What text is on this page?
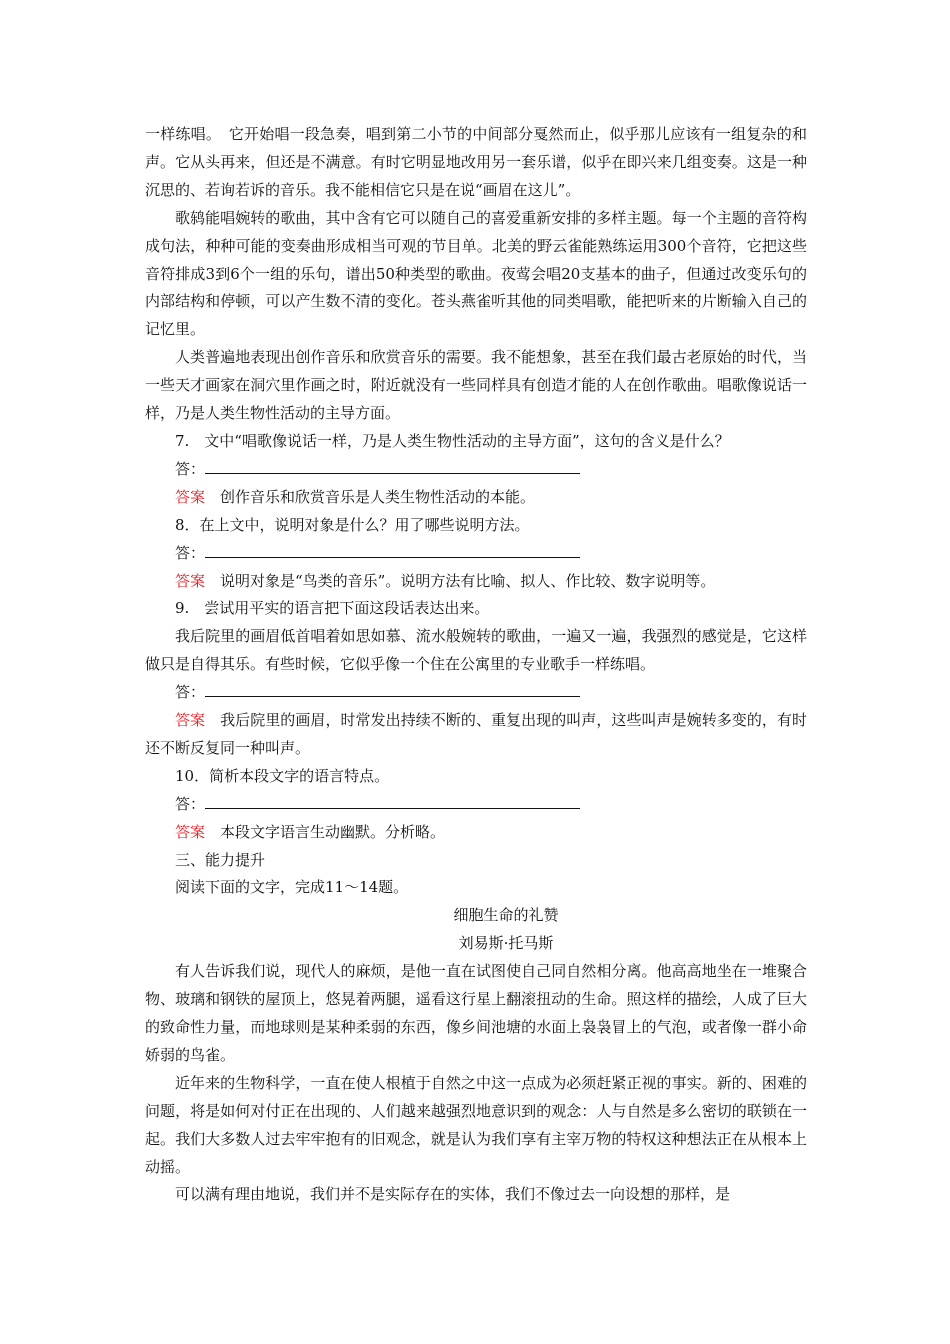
一样练唱。　它开始唱一段急奏，唱到第二小节的中间部分戛然而止，似乎那儿应该有一组复杂的和声。它从头再来，但还是不满意。有时它明显地改用另一套乐谱，似乎在即兴来几组变奏。这是一种沉思的、若询若诉的音乐。我不能相信它只是在说“画眉在这儿”。

歌鸫能唱婉转的歌曲，其中含有它可以随自己的喜爱重新安排的多样主题。每一个主题的音符构成句法，种种可能的变奏曲形成相当可观的节目单。北美的野云雀能熟练运用300个音符，它把这些音符排成3到6个一组的乐句，谱出50种类型的歌曲。夜莺会唱20支基本的曲子，但通过改变乐句的内部结构和停顿，可以产生数不清的变化。苍头燕雀听其他的同类唱歌，能把听来的片断输入自己的记忆里。

人类普遍地表现出创作音乐和欣赏音乐的需要。我不能想象，甚至在我们最古老原始的时代，当一些天才画家在洞穴里作画之时，附近就没有一些同样具有创造才能的人在创作歌曲。唱歌像说话一样，乃是人类生物性活动的主导方面。

7.　文中“唱歌像说话一样，乃是人类生物性活动的主导方面”，这句的含义是什么？

答：

答案 创作音乐和欣赏音乐是人类生物性活动的本能。

8．在上文中，说明对象是什么？用了哪些说明方法。

答：

答案 说明对象是“鸟类的音乐”。说明方法有比喻、拟人、作比较、数字说明等。

9.　尝试用平实的语言把下面这段话表达出来。

我后院里的画眉低首唱着如思如慕、流水般婉转的歌曲，一遍又一遍，我强烈的感觉是，它这样做只是自得其乐。有些时候，它似乎像一个住在公寓里的专业歌手一样练唱。

答：

答案 我后院里的画眉，时常发出持续不断的、重复出现的叫声，这些叫声是婉转多变的，有时还不断反复同一种叫声。

10．简析本段文字的语言特点。

答：

答案 本段文字语言生动幽默。分析略。

三、能力提升

阅读下面的文字，完成11～14题。

细胞生命的礼赞

刘易斯·托马斯

有人告诉我们说，现代人的麻烦，是他一直在试图使自己同自然相分离。他高高地坐在一堆聚合物、玻璃和钢铁的屋顶上，悠晃着两腿，遥看这行星上翻滚扭动的生命。照这样的描绘，人成了巨大的致命性力量，而地球则是某种柔弱的东西，像乡间池塘的水面上袅袅冒上的气泡，或者像一群小命娇弱的鸟雀。

近年来的生物科学，一直在使人根植于自然之中这一点成为必须赶紧正视的事实。新的、困难的问题，将是如何对付正在出现的、人们越来越强烈地意识到的观念：人与自然是多么密切的联锁在一起。我们大多数人过去牢牢抱有的旧观念，就是认为我们享有主宰万物的特权这种想法正在从根本上动摇。

可以满有理由地说，我们并不是实际存在的实体，我们不像过去一向设想的那样，是
